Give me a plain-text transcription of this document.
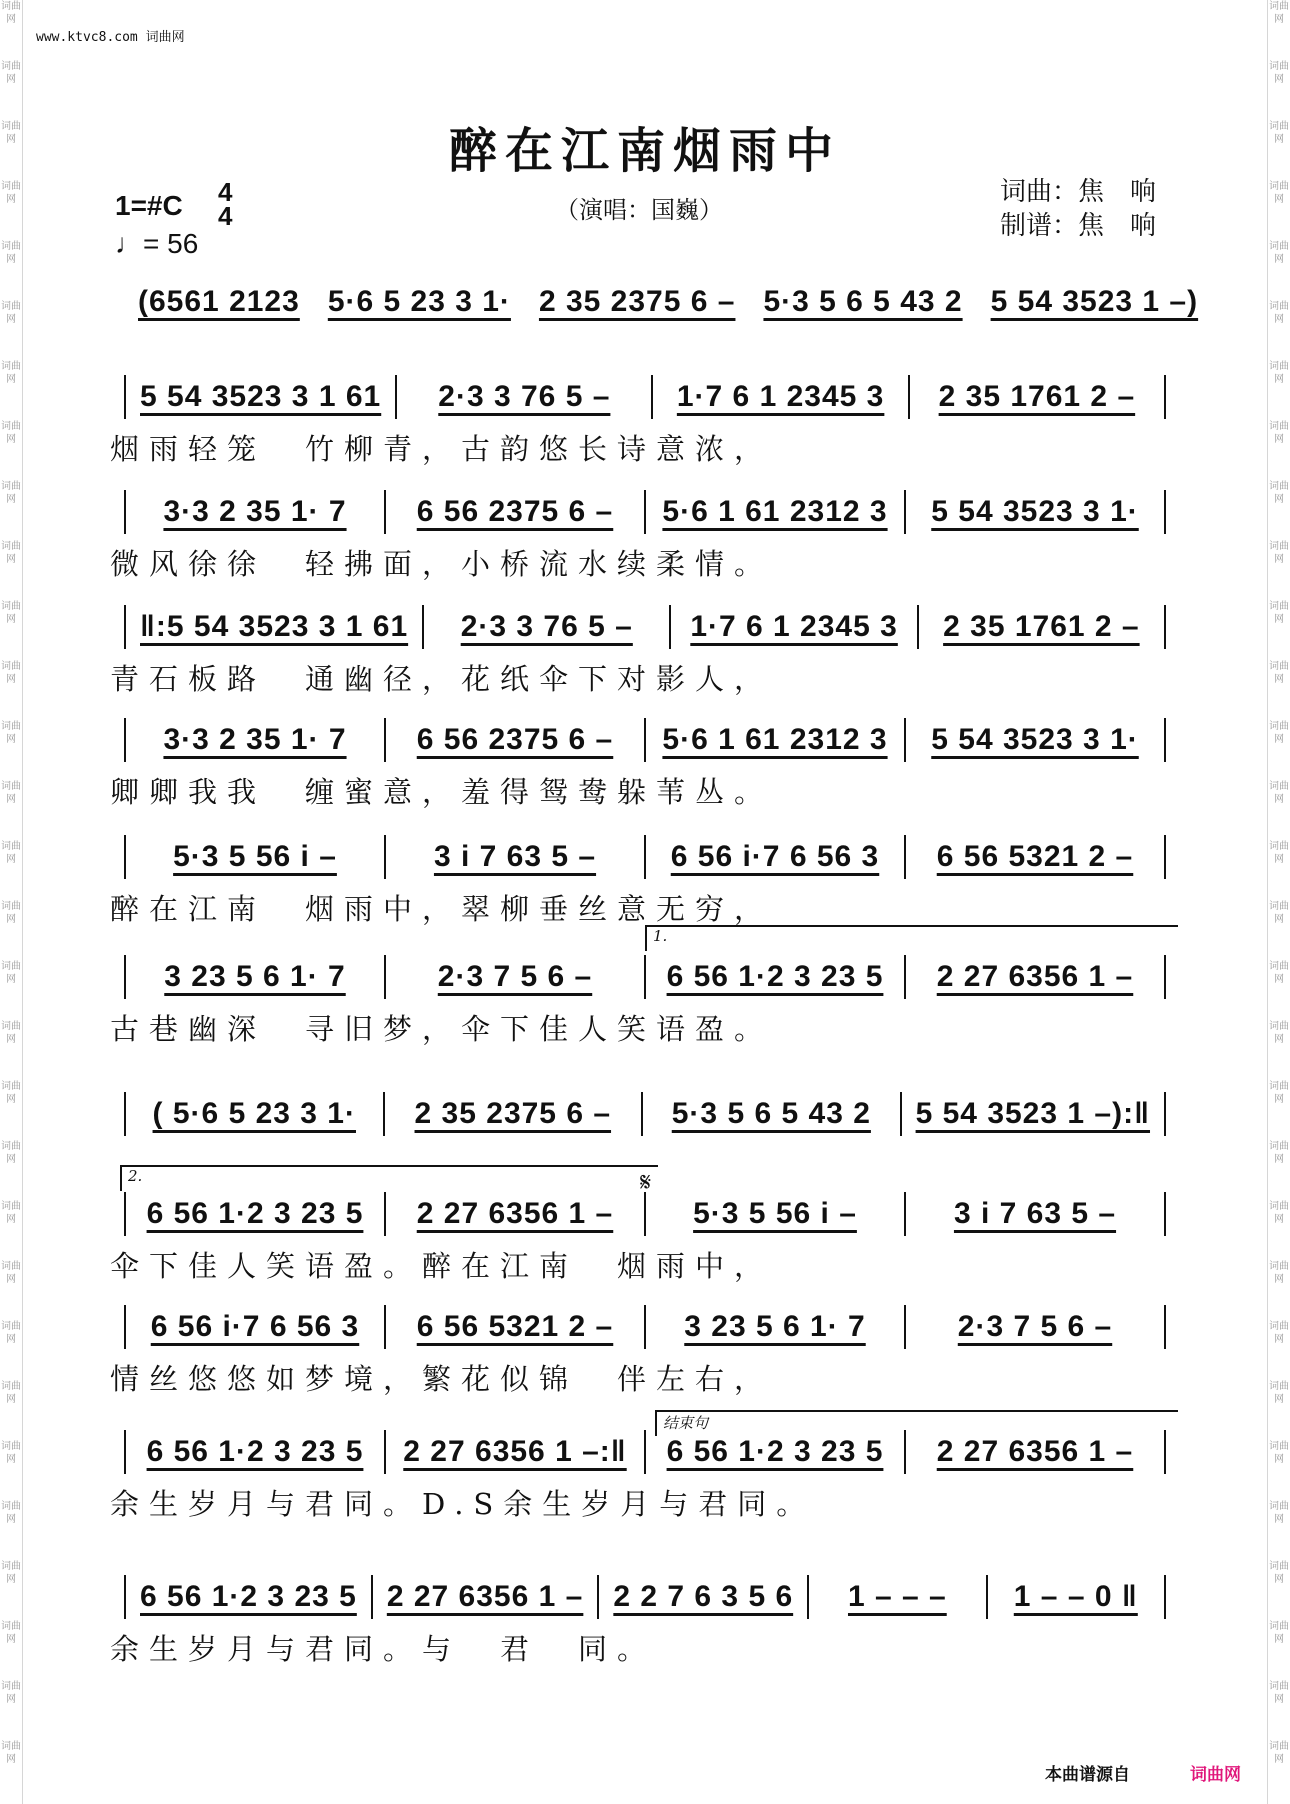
词曲网
词曲网
词曲网
词曲网
词曲网
词曲网
词曲网
词曲网
词曲网
词曲网
词曲网
词曲网
词曲网
词曲网
词曲网
词曲网
词曲网
词曲网
词曲网
词曲网
词曲网
词曲网
词曲网
词曲网
词曲网
词曲网
词曲网
词曲网
词曲网
词曲网
词曲网
词曲网
词曲网
词曲网
词曲网
词曲网
词曲网
词曲网
词曲网
词曲网
词曲网
词曲网
词曲网
词曲网
词曲网
词曲网
词曲网
词曲网
词曲网
词曲网
词曲网
词曲网
词曲网
词曲网
词曲网
词曲网
词曲网
词曲网
词曲网
词曲网
www.ktvc8.com 词曲网
醉在江南烟雨中
（演唱：国巍）
词曲：焦　响
制谱：焦　响
1=#C 4
4
♩= 56
(6561 2123 5·6 5 23 3 1· 2 35 2375 6 – 5·3 5 6 5 43 2 5 54 3523 1 –)
5 54 3523 3 1 61	2·3 3 76 5 –	1·7 6 1 2345 3	2 35 1761 2 –
烟雨轻笼　竹柳青，古韵悠长诗意浓，
3·3 2 35 1· 7	6 56 2375 6 –	5·6 1 61 2312 3	5 54 3523 3 1·
微风徐徐　轻拂面，小桥流水续柔情。
‖:5 54 3523 3 1 61	2·3 3 76 5 –	1·7 6 1 2345 3	2 35 1761 2 –
青石板路　通幽径，花纸伞下对影人，
3·3 2 35 1· 7	6 56 2375 6 –	5·6 1 61 2312 3	5 54 3523 3 1·
卿卿我我　缠蜜意，羞得鸳鸯躲苇丛。
5·3 5 56 i –	3 i 7 63 5 –	6 56 i·7 6 56 3	6 56 5321 2 –
醉在江南　烟雨中，翠柳垂丝意无穷，
3 23 5 6 1· 7	2·3 7 5 6 –	6 56 1·2 3 23 5	2 27 6356 1 –
古巷幽深　寻旧梦，伞下佳人笑语盈。
( 5·6 5 23 3 1·	2 35 2375 6 –	5·3 5 6 5 43 2	5 54 3523 1 –):‖
6 56 1·2 3 23 5	2 27 6356 1 –	5·3 5 56 i –	3 i 7 63 5 –
伞下佳人笑语盈。醉在江南　烟雨中，
6 56 i·7 6 56 3	6 56 5321 2 –	3 23 5 6 1· 7	2·3 7 5 6 –
情丝悠悠如梦境，繁花似锦　伴左右，
6 56 1·2 3 23 5 2 27 6356 1 –:‖ 6 56 1·2 3 23 5	2 27 6356 1 –
余生岁月与君同。D.S余生岁月与君同。
6 56 1·2 3 23 5 2 27 6356 1 – 2 2 7 6 3 5 6	1 – – –	1 – – 0 ‖
余生岁月与君同。与　君　同。
1.
2.
结束句
𝄋
本曲谱源自	词曲网
